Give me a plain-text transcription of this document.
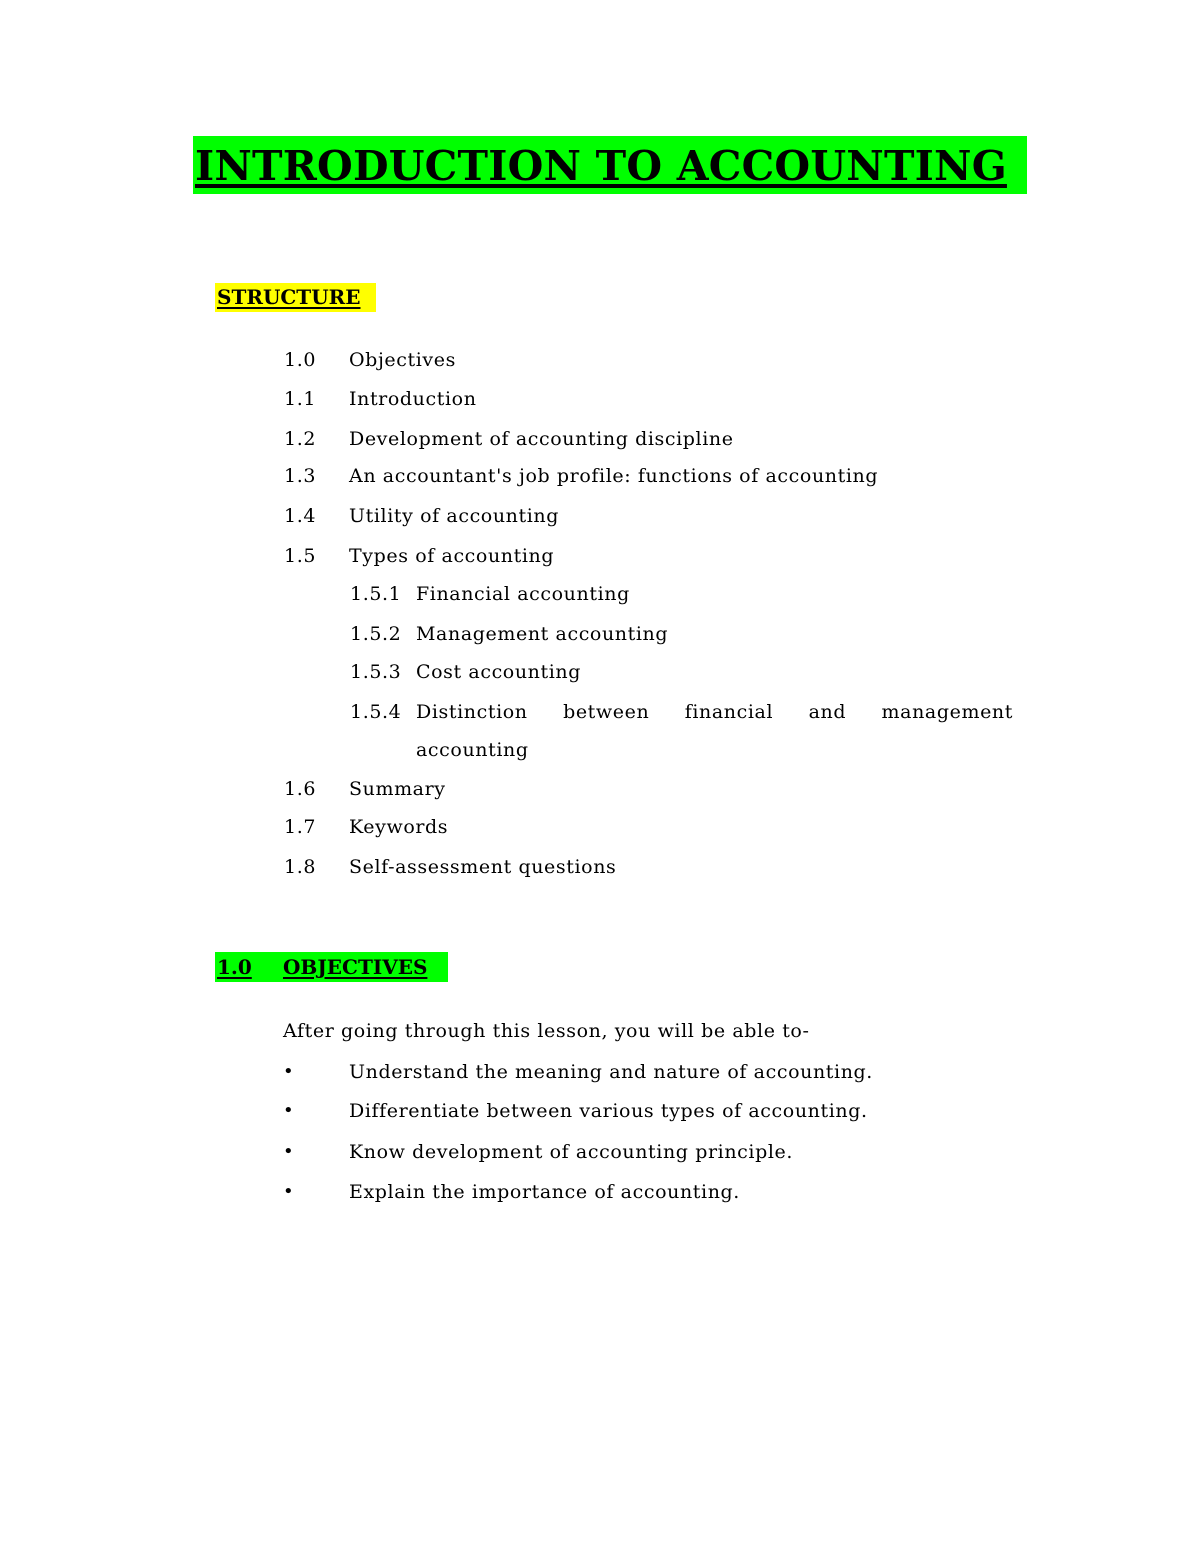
INTRODUCTION TO ACCOUNTING
STRUCTURE
1.0 Objectives
1.1 Introduction
1.2 Development of accounting discipline
1.3 An accountant's job profile: functions of accounting
1.4 Utility of accounting
1.5 Types of accounting
1.5.1 Financial accounting
1.5.2 Management accounting
1.5.3 Cost accounting
1.5.4 Distinction between financial and management
accounting
1.6 Summary
1.7 Keywords
1.8 Self-assessment questions
1.0 OBJECTIVES
After going through this lesson, you will be able to-
•	Understand the meaning and nature of accounting.
•	Differentiate between various types of accounting.
•	Know development of accounting principle.
•	Explain the importance of accounting.
